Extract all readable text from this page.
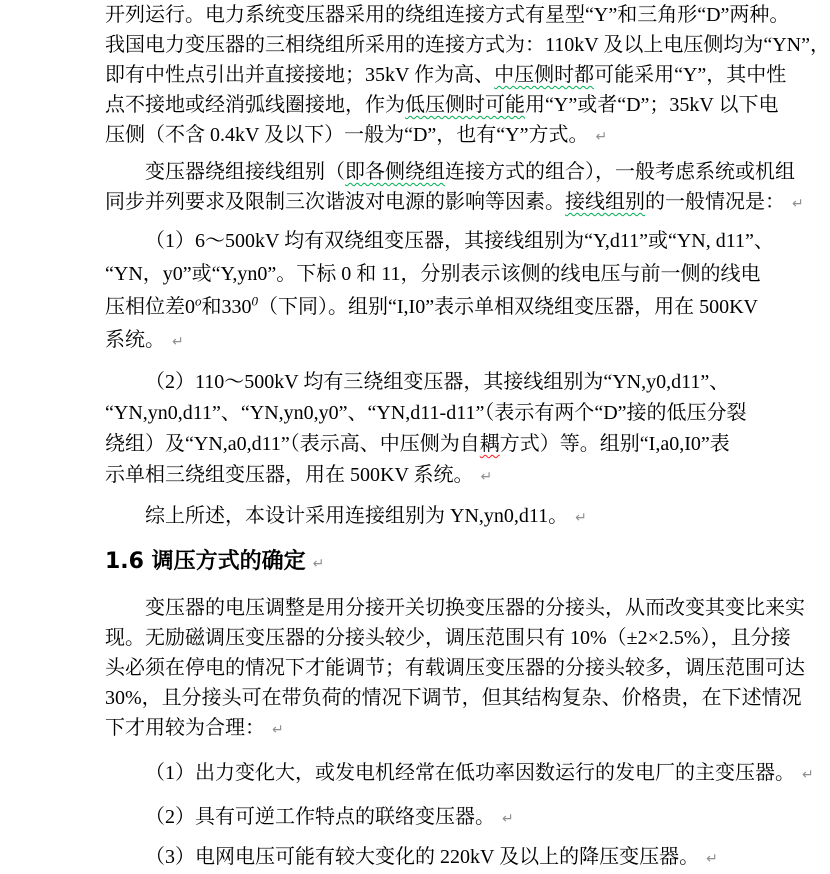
开列运行。电力系统变压器采用的绕组连接方式有星型“Y”和三角形“D”两种。
我国电力变压器的三相绕组所采用的连接方式为：110kV 及以上电压侧均为“YN”，
即有中性点引出并直接接地；35kV 作为高、中压侧时都可能采用“Y”，其中性
点不接地或经消弧线圈接地，作为低压侧时可能用“Y”或者“D”；35kV 以下电
压侧（不含 0.4kV 及以下）一般为“D”，也有“Y”方式。 ↵
变压器绕组接线组别（即各侧绕组连接方式的组合），一般考虑系统或机组
同步并列要求及限制三次谐波对电源的影响等因素。接线组别的一般情况是： ↵
（1）6～500kV 均有双绕组变压器，其接线组别为“Y,d11”或“YN, d11”、
“YN，y0”或“Y,yn0”。下标 0 和 11，分别表示该侧的线电压与前一侧的线电
压相位差0$^o$和$330^0$（下同）。组别“I,I0”表示单相双绕组变压器，用在 500KV
系统。 ↵
（2）110～500kV 均有三绕组变压器，其接线组别为“YN,y0,d11”、
“YN,yn0,d11”、“YN,yn0,y0”、“YN,d11-d11”（表示有两个“D”接的低压分裂
绕组）及“YN,a0,d11”（表示高、中压侧为自耦方式）等。组别“I,a0,I0”表
示单相三绕组变压器，用在 500KV 系统。 ↵
综上所述，本设计采用连接组别为 YN,yn0,d11。 ↵
1.6 调压方式的确定 ↵
变压器的电压调整是用分接开关切换变压器的分接头，从而改变其变比来实
现。无励磁调压变压器的分接头较少，调压范围只有 10%（±2×2.5%），且分接
头必须在停电的情况下才能调节；有载调压变压器的分接头较多，调压范围可达
30%，且分接头可在带负荷的情况下调节，但其结构复杂、价格贵，在下述情况
下才用较为合理： ↵
（1）出力变化大，或发电机经常在低功率因数运行的发电厂的主变压器。 ↵
（2）具有可逆工作特点的联络变压器。 ↵
（3）电网电压可能有较大变化的 220kV 及以上的降压变压器。 ↵
